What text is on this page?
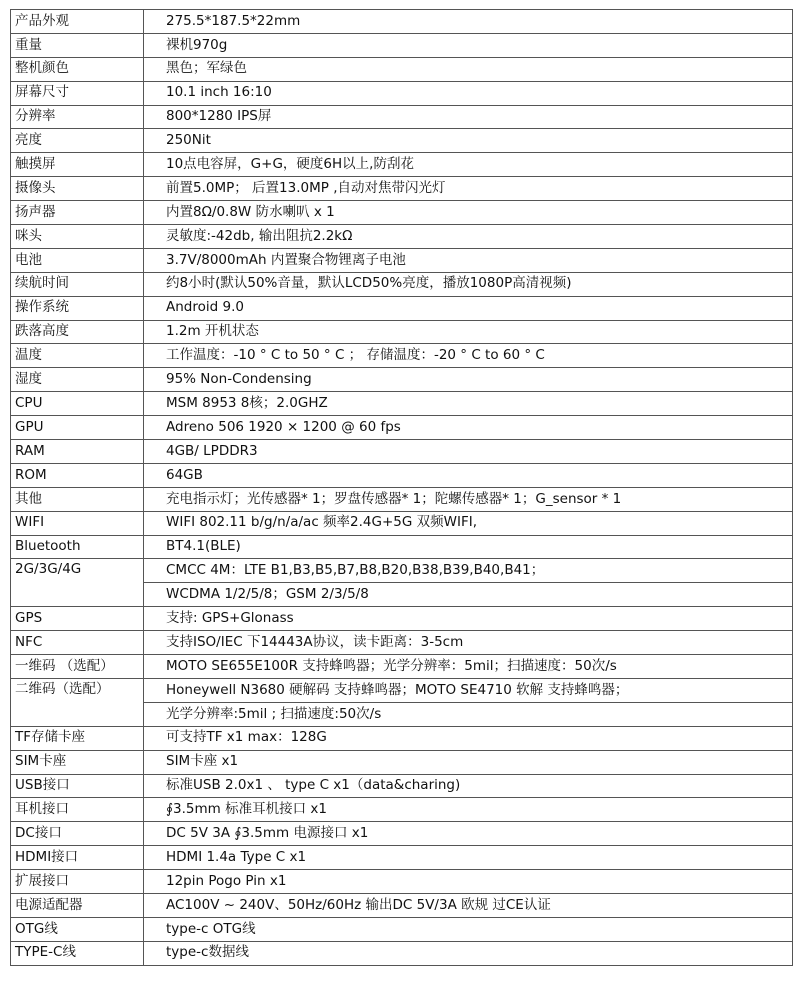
产品外观	275.5*187.5*22mm
重量	裸机970g
整机颜色	黑色；军绿色
屏幕尺寸	10.1 inch 16:10
分辨率	800*1280 IPS屏
亮度	250Nit
触摸屏	10点电容屏，G+G，硬度6H以上,防刮花
摄像头	前置5.0MP； 后置13.0MP ,自动对焦带闪光灯
扬声器	内置8Ω/0.8W 防水喇叭 x 1
咪头	灵敏度:-42db, 输出阻抗2.2kΩ
电池	3.7V/8000mAh 内置聚合物锂离子电池
续航时间	约8小时(默认50%音量，默认LCD50%亮度，播放1080P高清视频)
操作系统	Android 9.0
跌落高度	1.2m 开机状态
温度	工作温度：-10 ° C to 50 ° C ； 存储温度：-20 ° C to 60 ° C
湿度	95% Non-Condensing
CPU	MSM 8953 8核；2.0GHZ
GPU	Adreno 506 1920 × 1200 @ 60 fps
RAM	4GB/ LPDDR3
ROM	64GB
其他	充电指示灯；光传感器* 1；罗盘传感器* 1；陀螺传感器* 1；G_sensor * 1
WIFI	WIFI 802.11 b/g/n/a/ac 频率2.4G+5G 双频WIFI,
Bluetooth	BT4.1(BLE)
2G/3G/4G	CMCC 4M：LTE B1,B3,B5,B7,B8,B20,B38,B39,B40,B41；
	WCDMA 1/2/5/8；GSM 2/3/5/8
GPS	支持: GPS+Glonass
NFC	支持ISO/IEC 下14443A协议，读卡距离：3-5cm
一维码 （选配）	MOTO SE655E100R 支持蜂鸣器；光学分辨率：5mil；扫描速度：50次/s
二维码（选配）	Honeywell N3680 硬解码 支持蜂鸣器；MOTO SE4710 软解 支持蜂鸣器；
	光学分辨率:5mil ; 扫描速度:50次/s
TF存储卡座	可支持TF x1 max：128G
SIM卡座	SIM卡座 x1
USB接口	标准USB 2.0x1 、 type C x1（data&charing)
耳机接口	∮3.5mm 标准耳机接口 x1
DC接口	DC 5V 3A ∮3.5mm 电源接口 x1
HDMI接口	HDMI 1.4a Type C x1
扩展接口	12pin Pogo Pin x1
电源适配器	AC100V ~ 240V、50Hz/60Hz 输出DC 5V/3A 欧规 过CE认证
OTG线	type-c OTG线
TYPE-C线	type-c数据线
